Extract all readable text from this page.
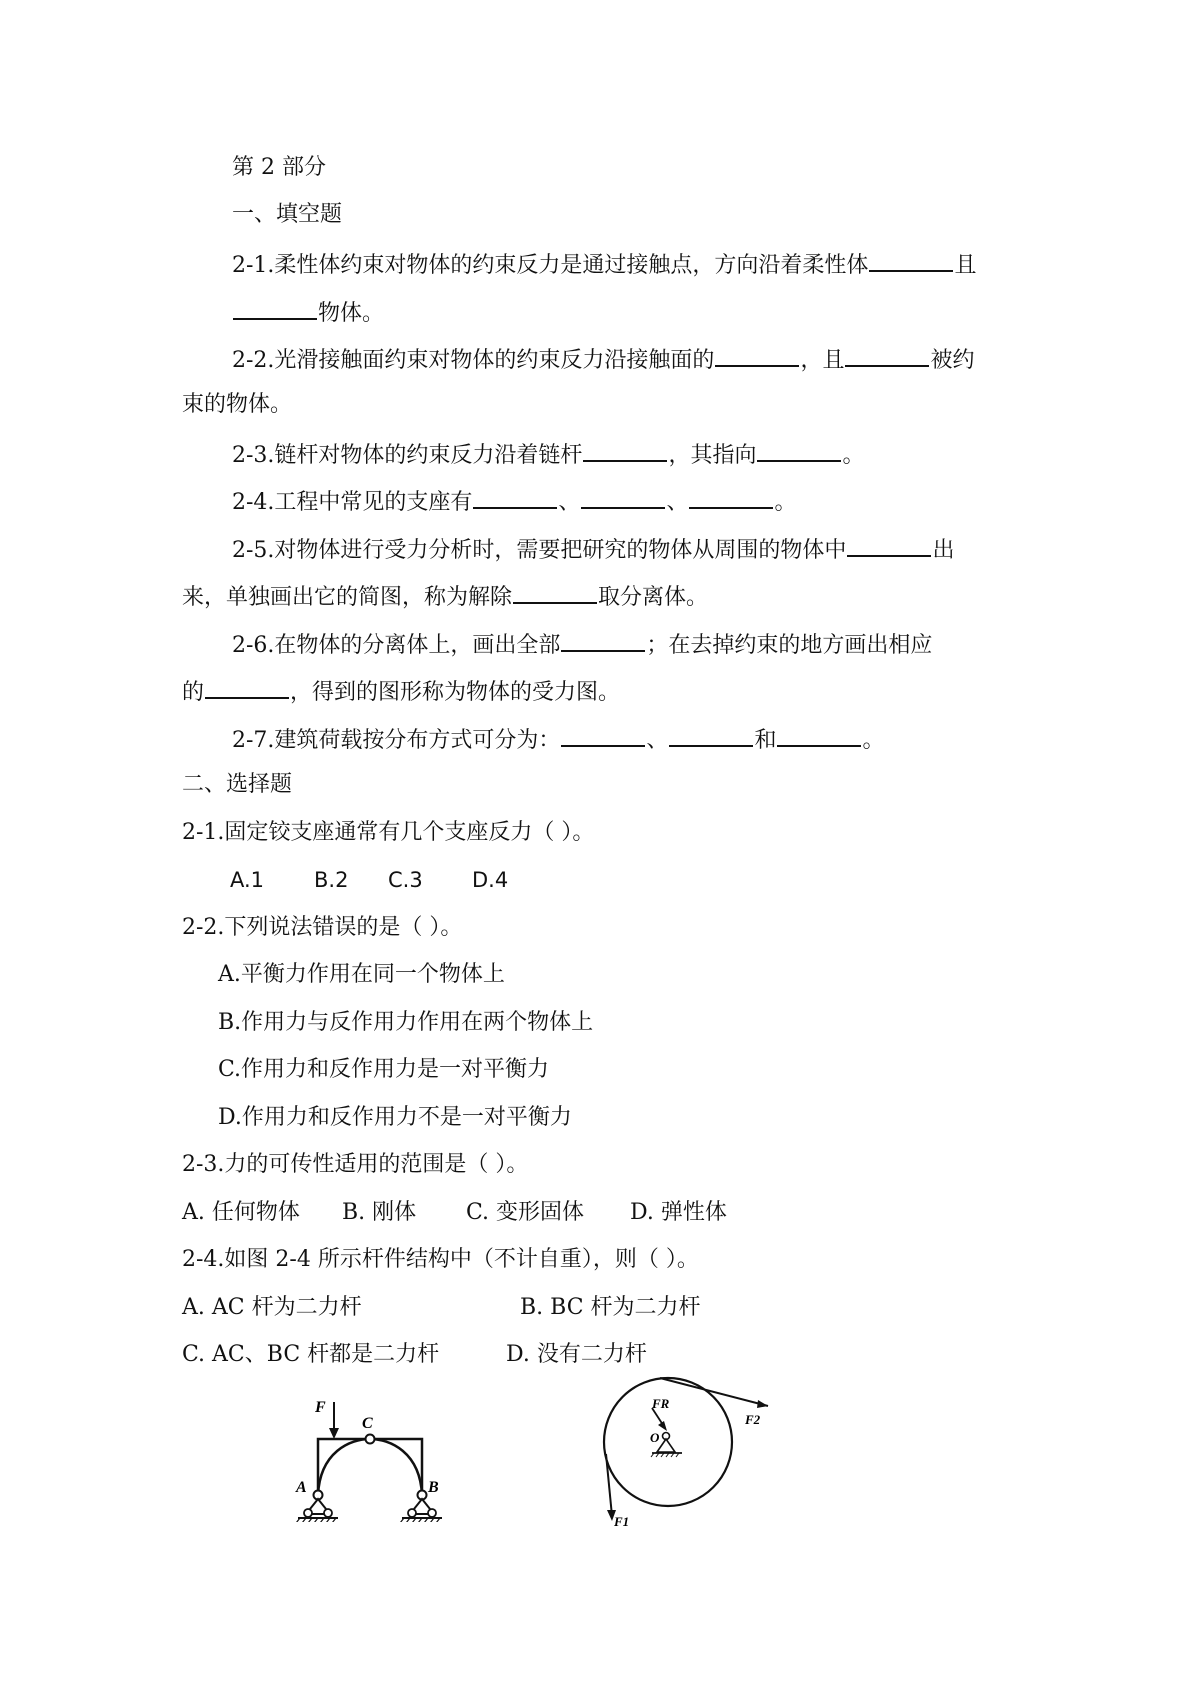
第 2 部分
一、填空题
2-1.柔性体约束对物体的约束反力是通过接触点，方向沿着柔性体	且
物体。
2-2.光滑接触面约束对物体的约束反力沿接触面的	，且	被约
束的物体。
2-3.链杆对物体的约束反力沿着链杆	，其指向	。
2-4.工程中常见的支座有	、	、	。
2-5.对物体进行受力分析时，需要把研究的物体从周围的物体中	出
来，单独画出它的简图，称为解除	取分离体。
2-6.在物体的分离体上，画出全部	；在去掉约束的地方画出相应
的	，得到的图形称为物体的受力图。
2-7.建筑荷载按分布方式可分为：	、	和	。
二、选择题
2-1.固定铰支座通常有几个支座反力（ ）。
A.1 B.2 C.3 D.4
2-2.下列说法错误的是（ ）。
A.平衡力作用在同一个物体上
B.作用力与反作用力作用在两个物体上
C.作用力和反作用力是一对平衡力
D.作用力和反作用力不是一对平衡力
2-3.力的可传性适用的范围是（ ）。
A. 任何物体 B. 刚体 C. 变形固体 D. 弹性体
2-4.如图 2-4 所示杆件结构中（不计自重），则（ ）。
A. AC 杆为二力杆	B. BC 杆为二力杆
C. AC、BC 杆都是二力杆	D. 没有二力杆
F
C
A	B
F2
F1
FR
O
